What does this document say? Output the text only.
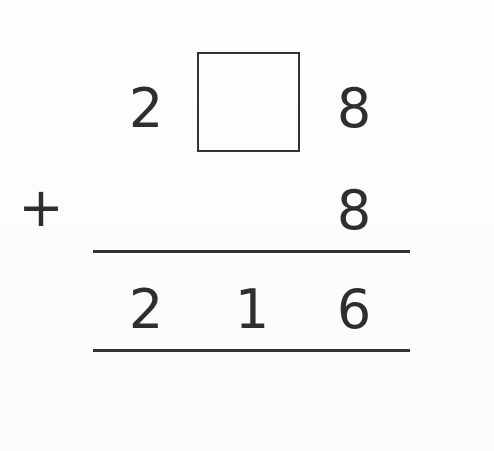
2	8
+	8
2 1 6
